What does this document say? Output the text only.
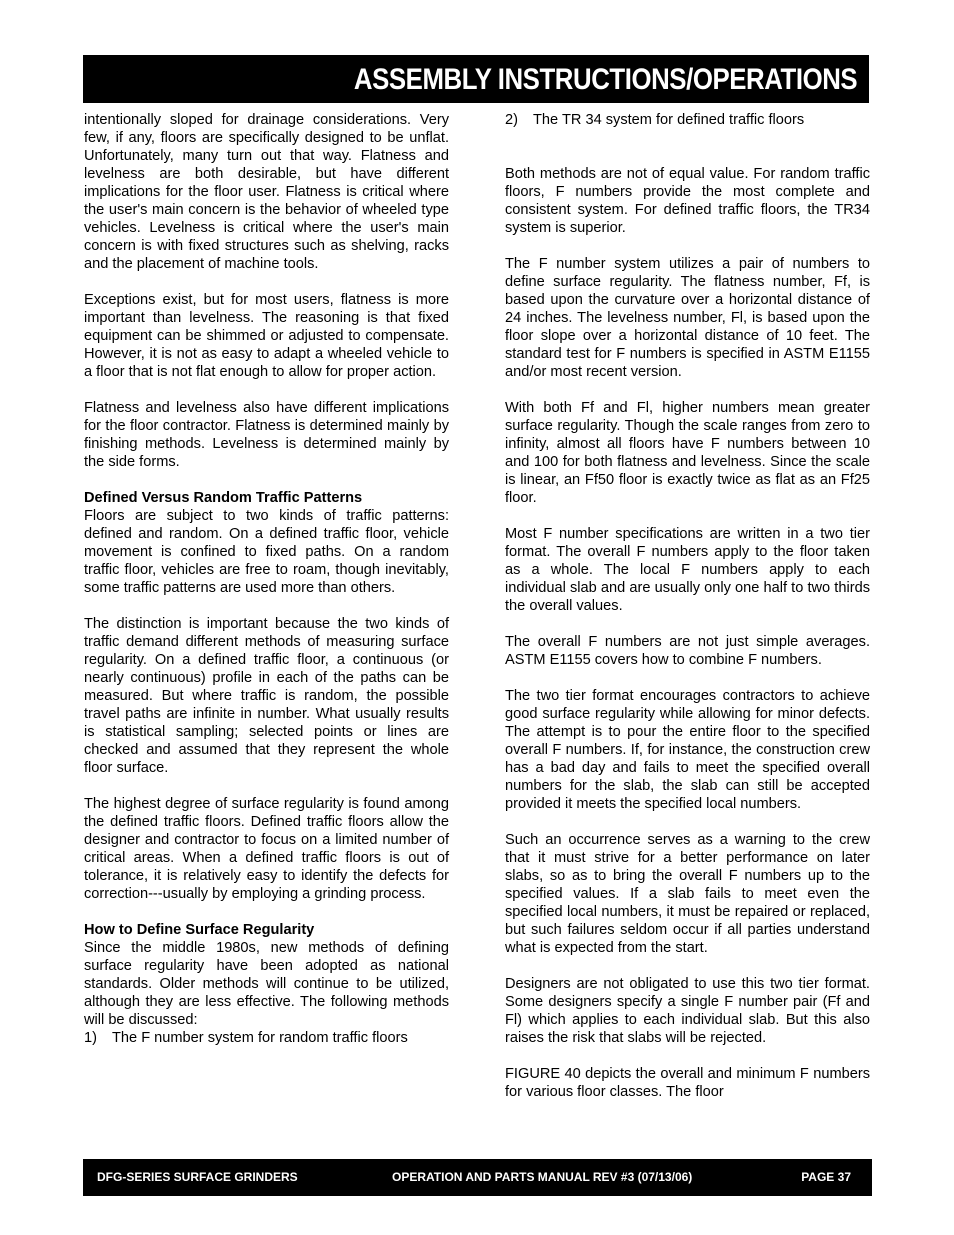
ASSEMBLY INSTRUCTIONS/OPERATIONS

intentionally sloped for drainage considerations. Very few, if any, floors are specifically designed to be unflat. Unfortunately, many turn out that way. Flatness and levelness are both desirable, but have different implications for the floor user. Flatness is critical where the user's main concern is the behavior of wheeled type vehicles. Levelness is critical where the user's main concern is with fixed structures such as shelving, racks and the placement of machine tools.

Exceptions exist, but for most users, flatness is more important than levelness. The reasoning is that fixed equipment can be shimmed or adjusted to compensate. However, it is not as easy to adapt a wheeled vehicle to a floor that is not flat enough to allow for proper action.

Flatness and levelness also have different implications for the floor contractor. Flatness is determined mainly by finishing methods. Levelness is determined mainly by the side forms.

Defined Versus Random Traffic Patterns

Floors are subject to two kinds of traffic patterns: defined and random. On a defined traffic floor, vehicle movement is confined to fixed paths. On a random traffic floor, vehicles are free to roam, though inevitably, some traffic patterns are used more than others.

The distinction is important because the two kinds of traffic demand different methods of measuring surface regularity. On a defined traffic floor, a continuous (or nearly continuous) profile in each of the paths can be measured. But where traffic is random, the possible travel paths are infinite in number. What usually results is statistical sampling; selected points or lines are checked and assumed that they represent the whole floor surface.

The highest degree of surface regularity is found among the defined traffic floors. Defined traffic floors allow the designer and contractor to focus on a limited number of critical areas. When a defined traffic floors is out of tolerance, it is relatively easy to identify the defects for correction---usually by employing a grinding process.

How to Define Surface Regularity

Since the middle 1980s, new methods of defining surface regularity have been adopted as national standards. Older methods will continue to be utilized, although they are less effective. The following methods will be discussed:

1)	The F number system for random traffic floors
2)	The TR 34 system for defined traffic floors

Both methods are not of equal value. For random traffic floors, F numbers provide the most complete and consistent system. For defined traffic floors, the TR34 system is superior.

The F number system utilizes a pair of numbers to define surface regularity. The flatness number, Ff, is based upon the curvature over a horizontal distance of 24 inches. The levelness number, Fl, is based upon the floor slope over a horizontal distance of 10 feet. The standard test for F numbers is specified in ASTM E1155 and/or most recent version.

With both Ff and Fl, higher numbers mean greater surface regularity. Though the scale ranges from zero to infinity, almost all floors have F numbers between 10 and 100 for both flatness and levelness. Since the scale is linear, an Ff50 floor is exactly twice as flat as an Ff25 floor.

Most F number specifications are written in a two tier format. The overall F numbers apply to the floor taken as a whole. The local F numbers apply to each individual slab and are usually only one half to two thirds the overall values.

The overall F numbers are not just simple averages. ASTM E1155 covers how to combine F numbers.

The two tier format encourages contractors to achieve good surface regularity while allowing for minor defects. The attempt is to pour the entire floor to the specified overall F numbers. If, for instance, the construction crew has a bad day and fails to meet the specified overall numbers for the slab, the slab can still be accepted provided it meets the specified local numbers.

Such an occurrence serves as a warning to the crew that it must strive for a better performance on later slabs, so as to bring the overall F numbers up to the specified values. If a slab fails to meet even the specified local numbers, it must be repaired or replaced, but such failures seldom occur if all parties understand what is expected from the start.

Designers are not obligated to use this two tier format. Some designers specify a single F number pair (Ff and Fl) which applies to each individual slab. But this also raises the risk that slabs will be rejected.

FIGURE 40 depicts the overall and minimum F numbers for various floor classes. The floor

DFG-SERIES SURFACE GRINDERS	OPERATION AND PARTS MANUAL REV #3 (07/13/06)	PAGE 37
